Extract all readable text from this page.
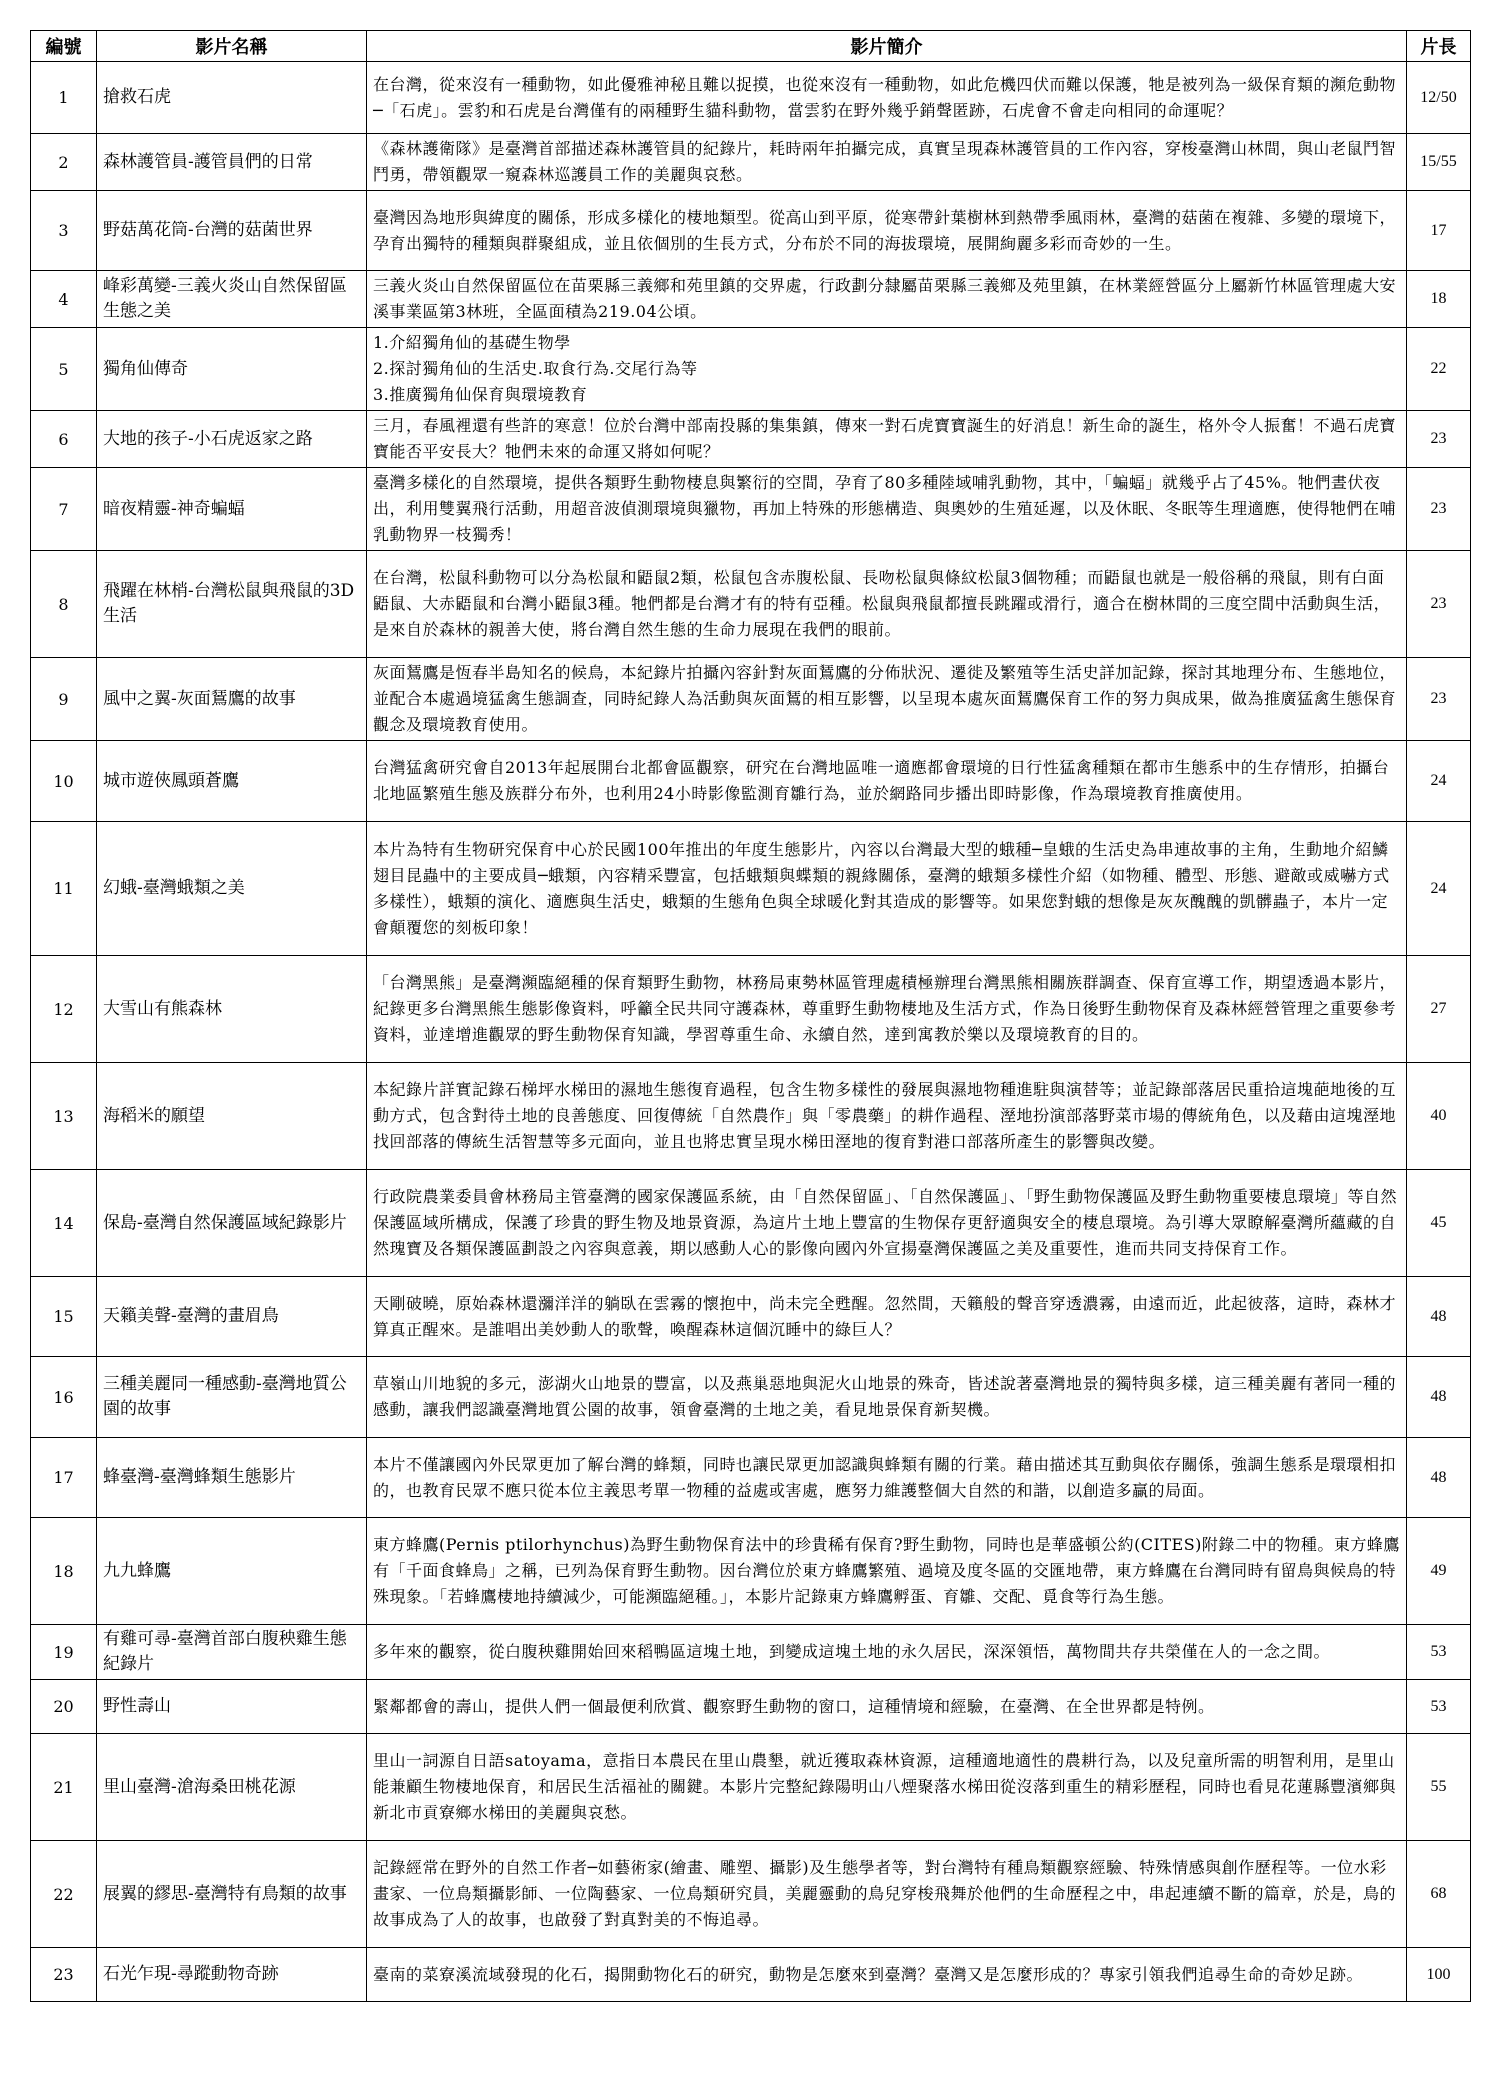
編號	影片名稱	影片簡介	片長
1	搶救石虎	在台灣，從來沒有一種動物，如此優雅神秘且難以捉摸，也從來沒有一種動物，如此危機四伏而難以保護，牠是被列為一級保育類的瀕危動物─「石虎」。雲豹和石虎是台灣僅有的兩種野生貓科動物，當雲豹在野外幾乎銷聲匿跡，石虎會不會走向相同的命運呢？	12/50
2	森林護管員-護管員們的日常	《森林護衛隊》是臺灣首部描述森林護管員的紀錄片，耗時兩年拍攝完成，真實呈現森林護管員的工作內容，穿梭臺灣山林間，與山老鼠鬥智鬥勇，帶領觀眾一窺森林巡護員工作的美麗與哀愁。	15/55
3	野菇萬花筒-台灣的菇菌世界	臺灣因為地形與緯度的關係，形成多樣化的棲地類型。從高山到平原，從寒帶針葉樹林到熱帶季風雨林，臺灣的菇菌在複雜、多變的環境下，孕育出獨特的種類與群聚組成，並且依個別的生長方式，分布於不同的海拔環境，展開絢麗多彩而奇妙的一生。	17
4	峰彩萬變-三義火炎山自然保留區生態之美	三義火炎山自然保留區位在苗栗縣三義鄉和苑里鎮的交界處，行政劃分隸屬苗栗縣三義鄉及苑里鎮，在林業經營區分上屬新竹林區管理處大安溪事業區第3林班，全區面積為219.04公頃。	18
5	獨角仙傳奇	1.介紹獨角仙的基礎生物學
2.探討獨角仙的生活史.取食行為.交尾行為等
3.推廣獨角仙保育與環境教育	22
6	大地的孩子-小石虎返家之路	三月，春風裡還有些許的寒意！位於台灣中部南投縣的集集鎮，傳來一對石虎寶寶誕生的好消息！新生命的誕生，格外令人振奮！不過石虎寶寶能否平安長大？牠們未來的命運又將如何呢？	23
7	暗夜精靈-神奇蝙蝠	臺灣多樣化的自然環境，提供各類野生動物棲息與繁衍的空間，孕育了80多種陸域哺乳動物，其中，「蝙蝠」就幾乎占了45%。牠們晝伏夜出，利用雙翼飛行活動，用超音波偵測環境與獵物，再加上特殊的形態構造、與奧妙的生殖延遲，以及休眠、冬眠等生理適應，使得牠們在哺乳動物界一枝獨秀！	23
8	飛躍在林梢-台灣松鼠與飛鼠的3D生活	在台灣，松鼠科動物可以分為松鼠和鼯鼠2類，松鼠包含赤腹松鼠、長吻松鼠與條紋松鼠3個物種；而鼯鼠也就是一般俗稱的飛鼠，則有白面鼯鼠、大赤鼯鼠和台灣小鼯鼠3種。牠們都是台灣才有的特有亞種。松鼠與飛鼠都擅長跳躍或滑行，適合在樹林間的三度空間中活動與生活，是來自於森林的親善大使，將台灣自然生態的生命力展現在我們的眼前。	23
9	風中之翼-灰面鵟鷹的故事	灰面鵟鷹是恆春半島知名的候鳥，本紀錄片拍攝內容針對灰面鵟鷹的分佈狀況、遷徙及繁殖等生活史詳加記錄，探討其地理分布、生態地位，並配合本處過境猛禽生態調查，同時紀錄人為活動與灰面鵟的相互影響，以呈現本處灰面鵟鷹保育工作的努力與成果，做為推廣猛禽生態保育觀念及環境教育使用。	23
10	城市遊俠鳳頭蒼鷹	台灣猛禽研究會自2013年起展開台北都會區觀察，研究在台灣地區唯一適應都會環境的日行性猛禽種類在都市生態系中的生存情形，拍攝台北地區繁殖生態及族群分布外，也利用24小時影像監測育雛行為，並於網路同步播出即時影像，作為環境教育推廣使用。	24
11	幻蛾-臺灣蛾類之美	本片為特有生物研究保育中心於民國100年推出的年度生態影片，內容以台灣最大型的蛾種─皇蛾的生活史為串連故事的主角，生動地介紹鱗翅目昆蟲中的主要成員─蛾類，內容精采豐富，包括蛾類與蝶類的親緣關係，臺灣的蛾類多樣性介紹（如物種、體型、形態、避敵或威嚇方式多樣性），蛾類的演化、適應與生活史，蛾類的生態角色與全球暖化對其造成的影響等。如果您對蛾的想像是灰灰醜醜的凱髒蟲子，本片一定會顛覆您的刻板印象！	24
12	大雪山有熊森林	「台灣黑熊」是臺灣瀕臨絕種的保育類野生動物，林務局東勢林區管理處積極辦理台灣黑熊相關族群調查、保育宣導工作，期望透過本影片，紀錄更多台灣黑熊生態影像資料，呼籲全民共同守護森林，尊重野生動物棲地及生活方式，作為日後野生動物保育及森林經營管理之重要參考資料，並達增進觀眾的野生動物保育知識，學習尊重生命、永續自然，達到寓教於樂以及環境教育的目的。	27
13	海稻米的願望	本紀錄片詳實記錄石梯坪水梯田的濕地生態復育過程，包含生物多樣性的發展與濕地物種進駐與演替等；並記錄部落居民重拾這塊葩地後的互動方式，包含對待土地的良善態度、回復傳統「自然農作」與「零農藥」的耕作過程、溼地扮演部落野菜市場的傳統角色，以及藉由這塊溼地找回部落的傳統生活智慧等多元面向，並且也將忠實呈現水梯田溼地的復育對港口部落所產生的影響與改變。	40
14	保島-臺灣自然保護區域紀錄影片	行政院農業委員會林務局主管臺灣的國家保護區系統，由「自然保留區」、「自然保護區」、「野生動物保護區及野生動物重要棲息環境」等自然保護區域所構成，保護了珍貴的野生物及地景資源，為這片土地上豐富的生物保存更舒適與安全的棲息環境。為引導大眾瞭解臺灣所蘊藏的自然瑰寶及各類保護區劃設之內容與意義，期以感動人心的影像向國內外宣揚臺灣保護區之美及重要性，進而共同支持保育工作。	45
15	天籟美聲-臺灣的畫眉鳥	天剛破曉，原始森林還瀰洋洋的躺臥在雲霧的懷抱中，尚未完全甦醒。忽然間，天籟般的聲音穿透濃霧，由遠而近，此起彼落，這時，森林才算真正醒來。是誰唱出美妙動人的歌聲，喚醒森林這個沉睡中的綠巨人？	48
16	三種美麗同一種感動-臺灣地質公園的故事	草嶺山川地貌的多元，澎湖火山地景的豐富，以及燕巢惡地與泥火山地景的殊奇，皆述說著臺灣地景的獨特與多樣，這三種美麗有著同一種的感動，讓我們認識臺灣地質公園的故事，領會臺灣的土地之美，看見地景保育新契機。	48
17	蜂臺灣-臺灣蜂類生態影片	本片不僅讓國內外民眾更加了解台灣的蜂類，同時也讓民眾更加認識與蜂類有關的行業。藉由描述其互動與依存關係，強調生態系是環環相扣的，也教育民眾不應只從本位主義思考單一物種的益處或害處，應努力維護整個大自然的和諧，以創造多贏的局面。	48
18	九九蜂鷹	東方蜂鷹(Pernis ptilorhynchus)為野生動物保育法中的珍貴稀有保育?野生動物，同時也是華盛頓公約(CITES)附錄二中的物種。東方蜂鷹有「千面食蜂鳥」之稱，已列為保育野生動物。因台灣位於東方蜂鷹繁殖、過境及度冬區的交匯地帶，東方蜂鷹在台灣同時有留鳥與候鳥的特殊現象。「若蜂鷹棲地持續減少，可能瀕臨絕種。」，本影片記錄東方蜂鷹孵蛋、育雛、交配、覓食等行為生態。	49
19	有雞可尋-臺灣首部白腹秧雞生態紀錄片	多年來的觀察，從白腹秧雞開始回來稻鴨區這塊土地，到變成這塊土地的永久居民，深深領悟，萬物間共存共榮僅在人的一念之間。	53
20	野性壽山	緊鄰都會的壽山，提供人們一個最便利欣賞、觀察野生動物的窗口，這種情境和經驗，在臺灣、在全世界都是特例。	53
21	里山臺灣-滄海桑田桃花源	里山一詞源自日語satoyama，意指日本農民在里山農墾，就近獲取森林資源，這種適地適性的農耕行為，以及兒童所需的明智利用，是里山能兼顧生物棲地保育，和居民生活福祉的關鍵。本影片完整紀錄陽明山八煙聚落水梯田從沒落到重生的精彩歷程，同時也看見花蓮縣豐濱鄉與新北市貢寮鄉水梯田的美麗與哀愁。	55
22	展翼的繆思-臺灣特有鳥類的故事	記錄經常在野外的自然工作者─如藝術家(繪畫、雕塑、攝影)及生態學者等，對台灣特有種鳥類觀察經驗、特殊情感與創作歷程等。一位水彩畫家、一位鳥類攝影師、一位陶藝家、一位鳥類研究員，美麗靈動的鳥兒穿梭飛舞於他們的生命歷程之中，串起連續不斷的篇章，於是，鳥的故事成為了人的故事，也啟發了對真對美的不悔追尋。	68
23	石光乍現-尋蹤動物奇跡	臺南的菜寮溪流域發現的化石，揭開動物化石的研究，動物是怎麼來到臺灣？臺灣又是怎麼形成的？專家引領我們追尋生命的奇妙足跡。	100
